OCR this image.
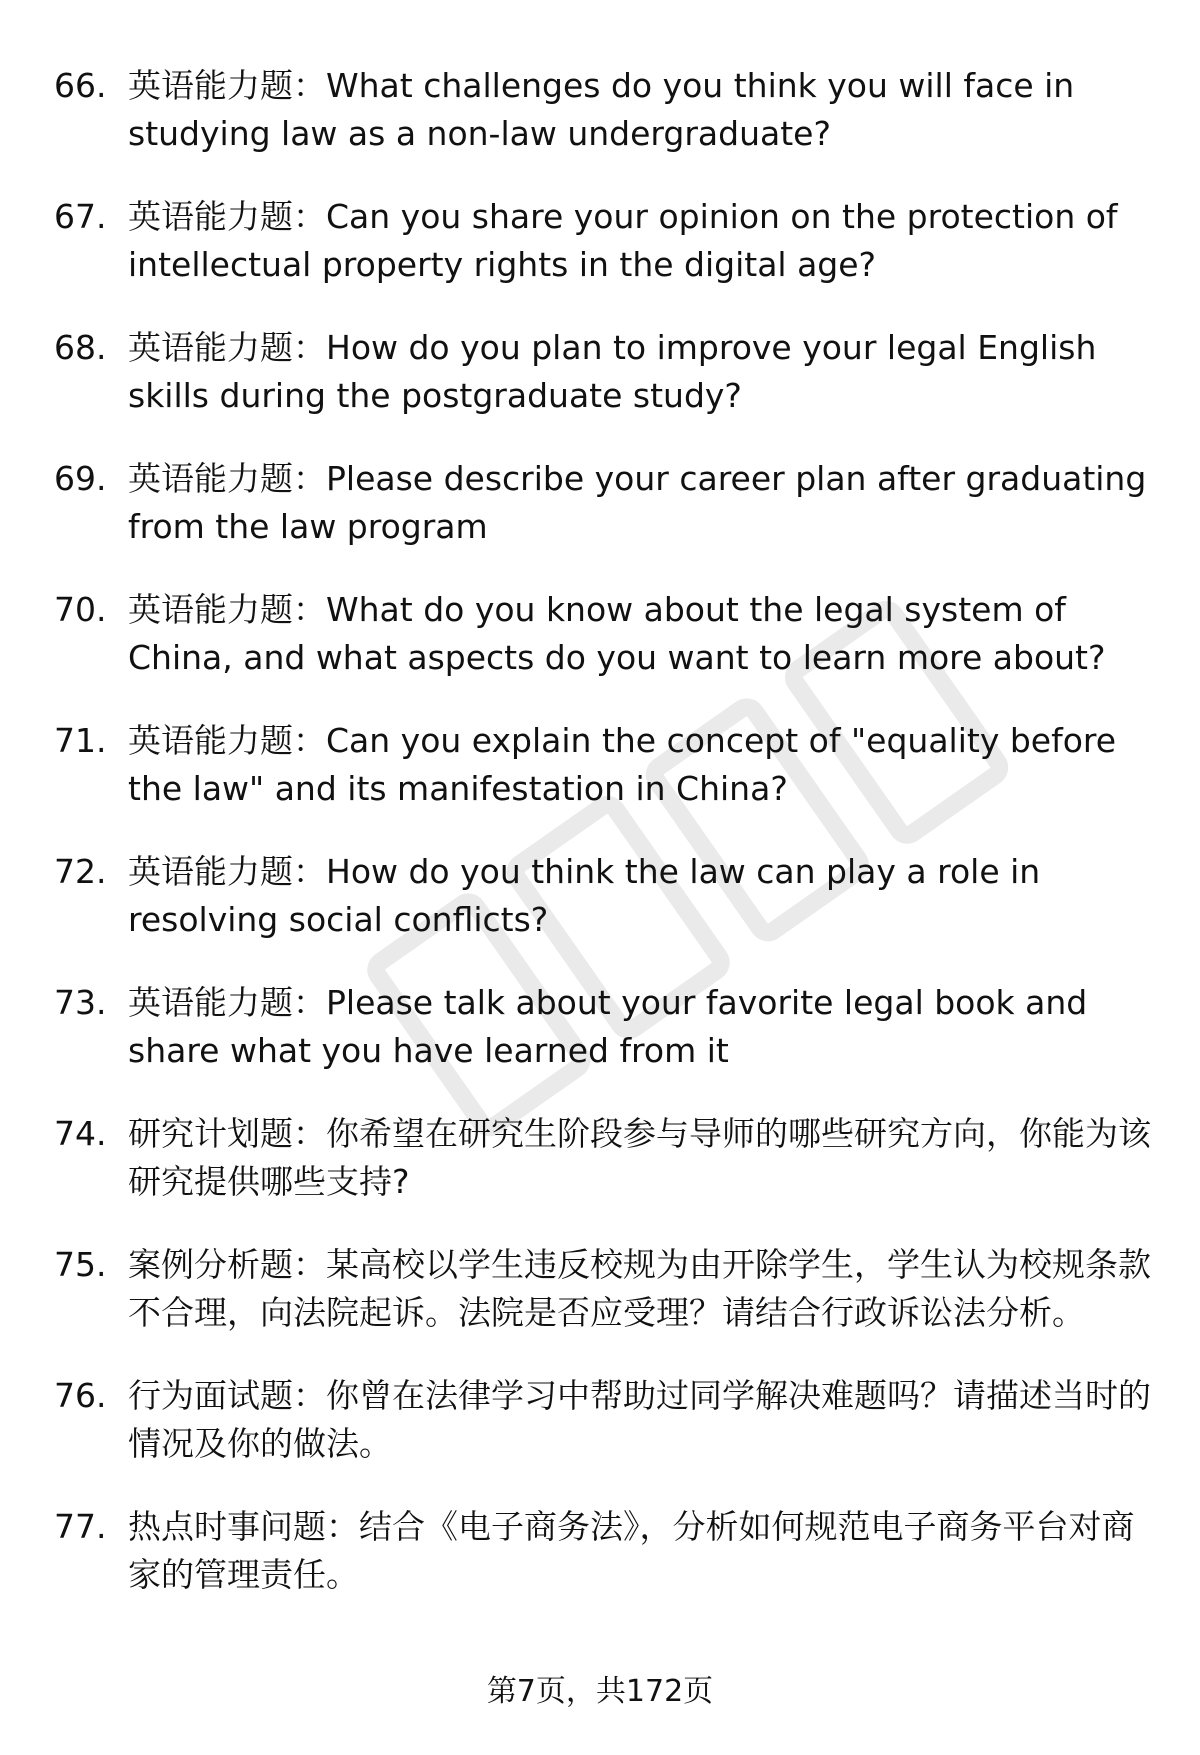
66. 英语能力题：What challenges do you think you will face in studying law as a non-law undergraduate?
67. 英语能力题：Can you share your opinion on the protection of intellectual property rights in the digital age?
68. 英语能力题：How do you plan to improve your legal English skills during the postgraduate study?
69. 英语能力题：Please describe your career plan after graduating from the law program
70. 英语能力题：What do you know about the legal system of China, and what aspects do you want to learn more about?
71. 英语能力题：Can you explain the concept of "equality before the law" and its manifestation in China?
72. 英语能力题：How do you think the law can play a role in resolving social conflicts?
73. 英语能力题：Please talk about your favorite legal book and share what you have learned from it
74. 研究计划题：你希望在研究生阶段参与导师的哪些研究方向，你能为该研究提供哪些支持?
75. 案例分析题：某高校以学生违反校规为由开除学生，学生认为校规条款不合理，向法院起诉。法院是否应受理？请结合行政诉讼法分析。
76. 行为面试题：你曾在法律学习中帮助过同学解决难题吗？请描述当时的情况及你的做法。
77. 热点时事问题：结合《电子商务法》，分析如何规范电子商务平台对商家的管理责任。
第7页，共172页
